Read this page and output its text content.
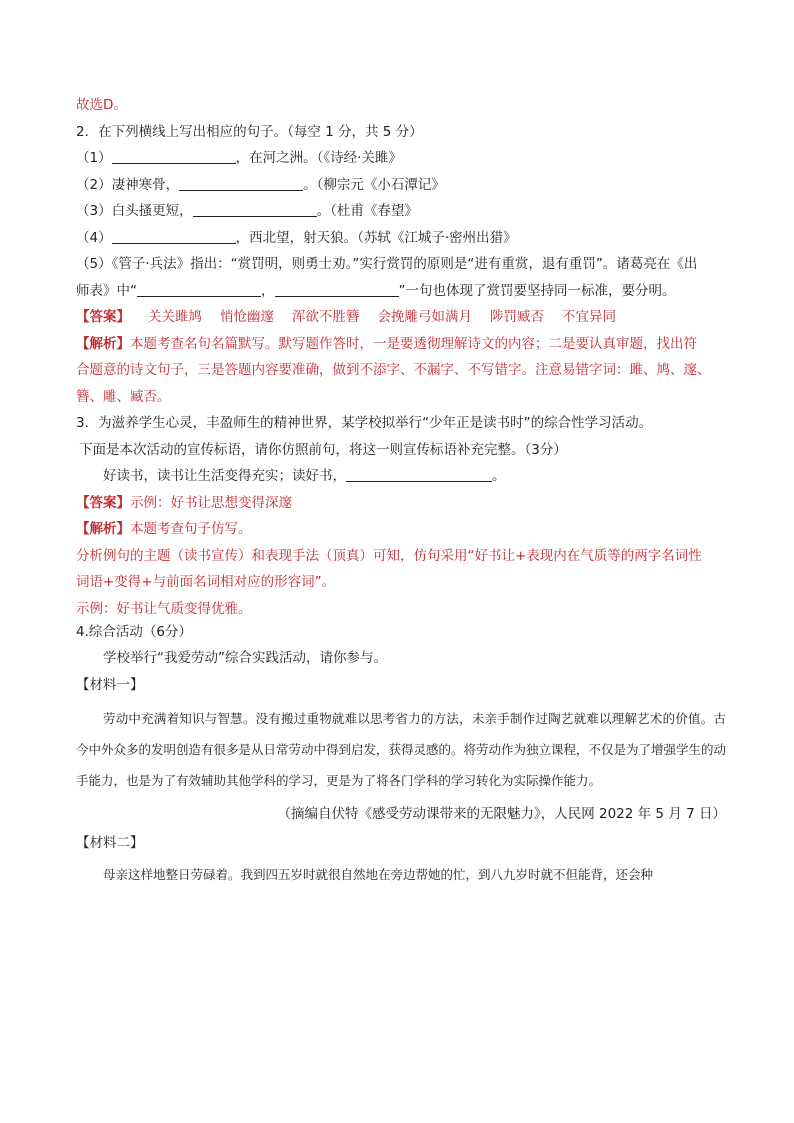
故选D。
2．在下列横线上写出相应的句子。（每空 1 分，共 5 分）
（1）	，在河之洲。（《诗经·关雎》
（2）凄神寒骨，	。（柳宗元《小石潭记》
（3）白头搔更短，	。（杜甫《春望》
（4）	，西北望，射天狼。（苏轼《江城子·密州出猎》
（5）《管子·兵法》指出：“赏罚明，则勇士劝。”实行赏罚的原则是“进有重赏，退有重罚”。诸葛亮在《出
师表》中“	，	”一句也体现了赏罚要坚持同一标准，要分明。
【答案】 关关雎鸠 悄怆幽邃 浑欲不胜簪 会挽雕弓如满月 陟罚臧否 不宜异同
【解析】本题考查名句名篇默写。默写题作答时，一是要透彻理解诗文的内容；二是要认真审题，找出符
合题意的诗文句子，三是答题内容要准确，做到不添字、不漏字、不写错字。注意易错字词：雎、鸠、邃、
簪、雕、臧否。
3．为滋养学生心灵，丰盈师生的精神世界，某学校拟举行“少年正是读书时”的综合性学习活动。
下面是本次活动的宣传标语，请你仿照前句，将这一则宣传标语补充完整。（3分）
好读书，读书让生活变得充实；读好书，	。
【答案】示例：好书让思想变得深邃
【解析】本题考查句子仿写。
分析例句的主题（读书宣传）和表现手法（顶真）可知，仿句采用“好书让+表现内在气质等的两字名词性
词语+变得+与前面名词相对应的形容词”。
示例：好书让气质变得优雅。
4.综合活动（6分）
学校举行“我爱劳动”综合实践活动，请你参与。
【材料一】
劳动中充满着知识与智慧。没有搬过重物就难以思考省力的方法，未亲手制作过陶艺就难以理解艺术的价值。古今中外众多的发明创造有很多是从日常劳动中得到启发，获得灵感的。将劳动作为独立课程，不仅是为了增强学生的动手能力，也是为了有效辅助其他学科的学习，更是为了将各门学科的学习转化为实际操作能力。
（摘编自伏特《感受劳动课带来的无限魅力》，人民网 2022 年 5 月 7 日）
【材料二】
母亲这样地整日劳碌着。我到四五岁时就很自然地在旁边帮她的忙，到八九岁时就不但能背，还会种
